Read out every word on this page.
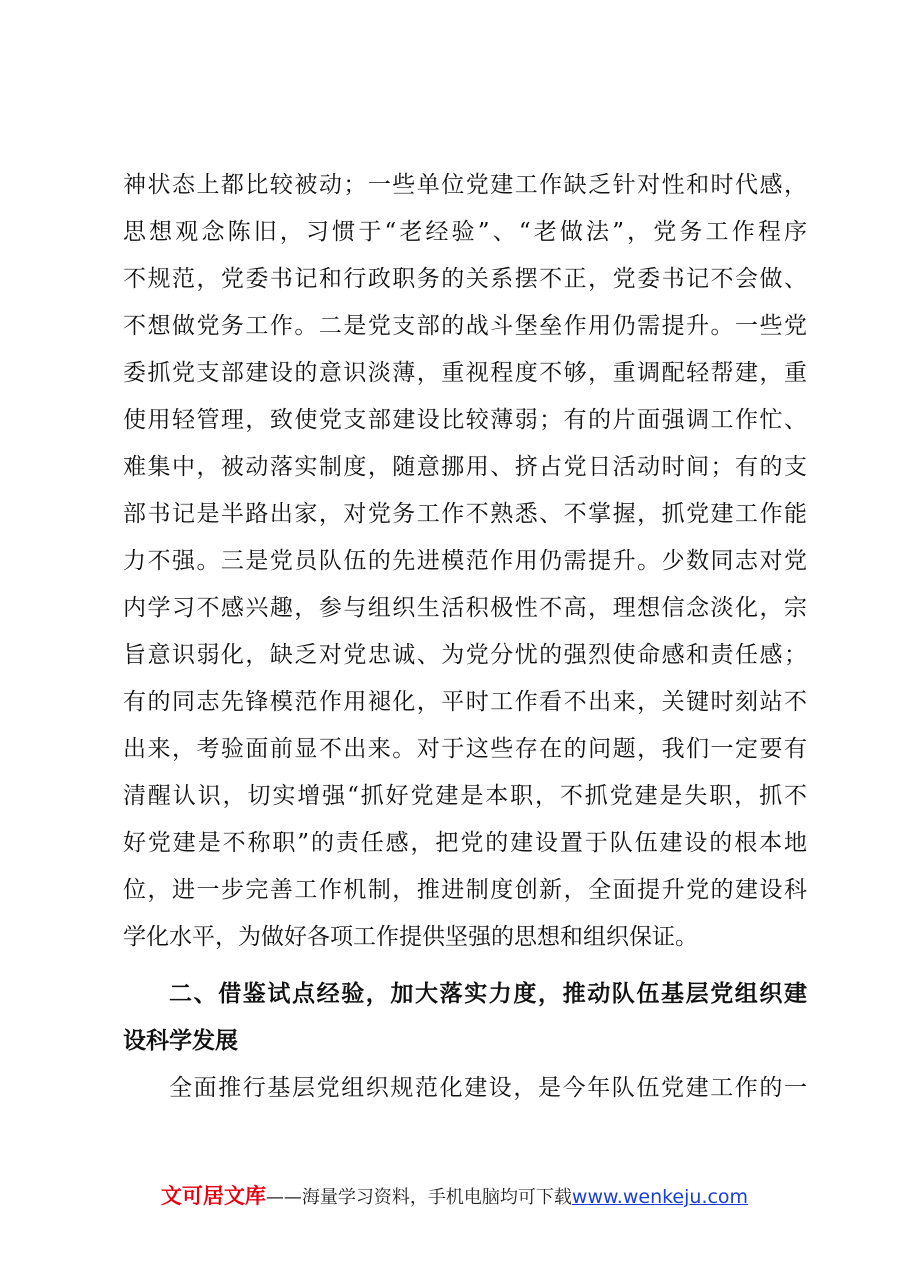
神状态上都比较被动；一些单位党建工作缺乏针对性和时代感，
思想观念陈旧，习惯于“老经验”、“老做法”，党务工作程序
不规范，党委书记和行政职务的关系摆不正，党委书记不会做、
不想做党务工作。二是党支部的战斗堡垒作用仍需提升。一些党
委抓党支部建设的意识淡薄，重视程度不够，重调配轻帮建，重
使用轻管理，致使党支部建设比较薄弱；有的片面强调工作忙、
难集中，被动落实制度，随意挪用、挤占党日活动时间；有的支
部书记是半路出家，对党务工作不熟悉、不掌握，抓党建工作能
力不强。三是党员队伍的先进模范作用仍需提升。少数同志对党
内学习不感兴趣，参与组织生活积极性不高，理想信念淡化，宗
旨意识弱化，缺乏对党忠诚、为党分忧的强烈使命感和责任感；
有的同志先锋模范作用褪化，平时工作看不出来，关键时刻站不
出来，考验面前显不出来。对于这些存在的问题，我们一定要有
清醒认识，切实增强“抓好党建是本职，不抓党建是失职，抓不
好党建是不称职”的责任感，把党的建设置于队伍建设的根本地
位，进一步完善工作机制，推进制度创新，全面提升党的建设科
学化水平，为做好各项工作提供坚强的思想和组织保证。
二、借鉴试点经验，加大落实力度，推动队伍基层党组织建
设科学发展
全面推行基层党组织规范化建设，是今年队伍党建工作的一
文可居文库——海量学习资料，手机电脑均可下载www.wenkeju.com
